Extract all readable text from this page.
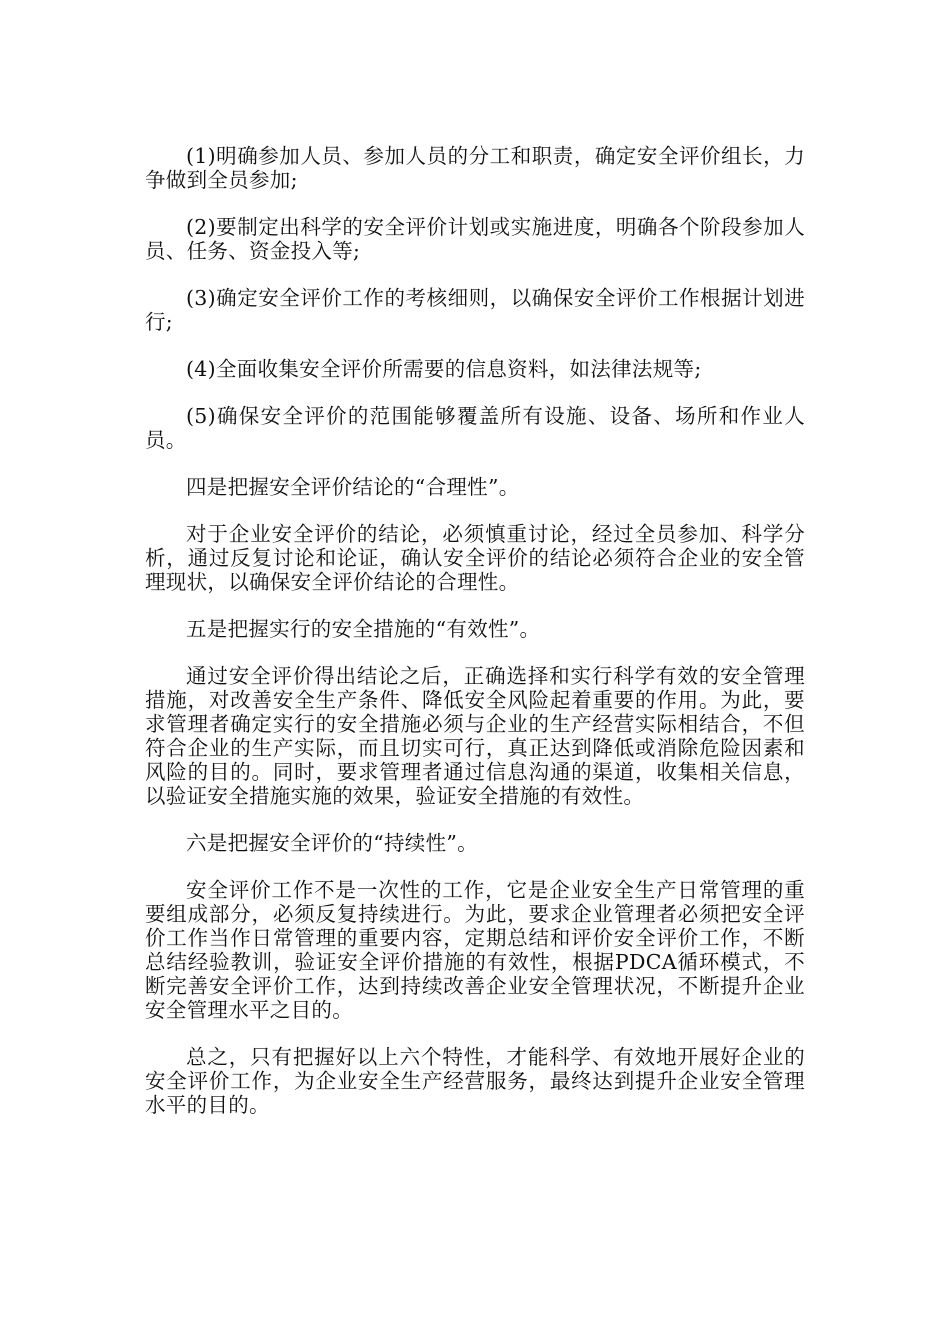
(1)明确参加人员、参加人员的分工和职责，确定安全评价组长，力争做到全员参加;

(2)要制定出科学的安全评价计划或实施进度，明确各个阶段参加人员、任务、资金投入等;

(3)确定安全评价工作的考核细则，以确保安全评价工作根据计划进行;

(4)全面收集安全评价所需要的信息资料，如法律法规等;

(5)确保安全评价的范围能够覆盖所有设施、设备、场所和作业人员。

四是把握安全评价结论的“合理性”。

对于企业安全评价的结论，必须慎重讨论，经过全员参加、科学分析，通过反复讨论和论证，确认安全评价的结论必须符合企业的安全管理现状，以确保安全评价结论的合理性。

五是把握实行的安全措施的“有效性”。

通过安全评价得出结论之后，正确选择和实行科学有效的安全管理措施，对改善安全生产条件、降低安全风险起着重要的作用。为此，要求管理者确定实行的安全措施必须与企业的生产经营实际相结合，不但符合企业的生产实际，而且切实可行，真正达到降低或消除危险因素和风险的目的。同时，要求管理者通过信息沟通的渠道，收集相关信息，以验证安全措施实施的效果，验证安全措施的有效性。

六是把握安全评价的“持续性”。

安全评价工作不是一次性的工作，它是企业安全生产日常管理的重要组成部分，必须反复持续进行。为此，要求企业管理者必须把安全评价工作当作日常管理的重要内容，定期总结和评价安全评价工作，不断总结经验教训，验证安全评价措施的有效性，根据PDCA循环模式，不断完善安全评价工作，达到持续改善企业安全管理状况，不断提升企业安全管理水平之目的。

总之，只有把握好以上六个特性，才能科学、有效地开展好企业的安全评价工作，为企业安全生产经营服务，最终达到提升企业安全管理水平的目的。
